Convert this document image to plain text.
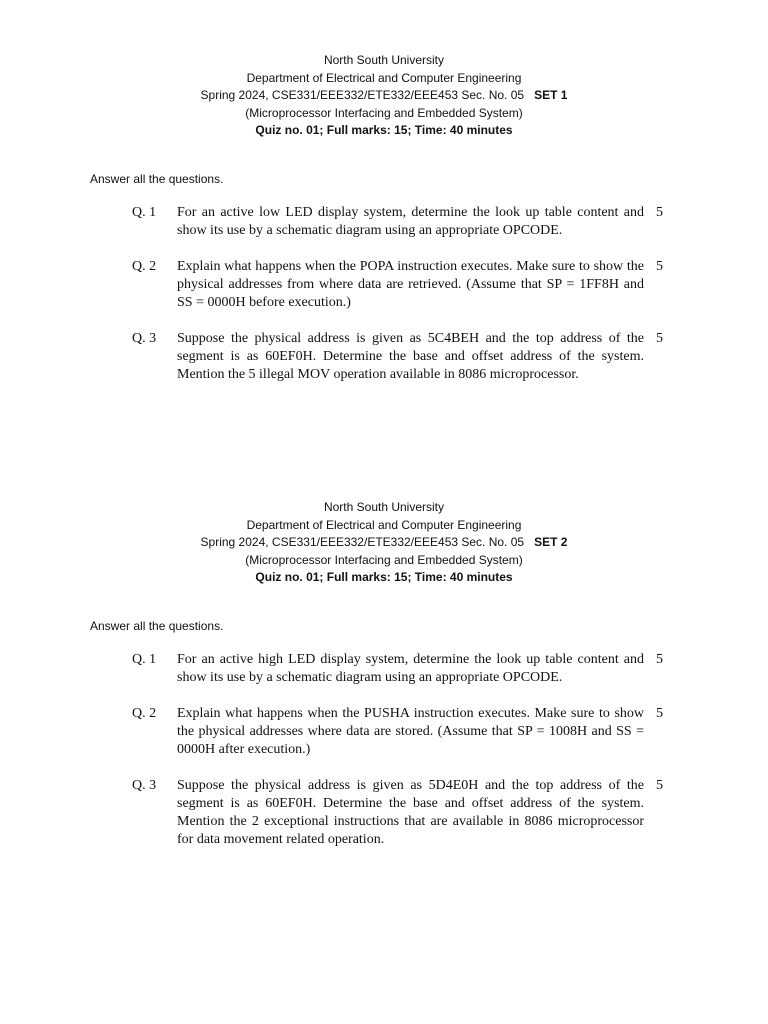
North South University
Department of Electrical and Computer Engineering
Spring 2024, CSE331/EEE332/ETE332/EEE453 Sec. No. 05 SET 1
(Microprocessor Interfacing and Embedded System)
Quiz no. 01; Full marks: 15; Time: 40 minutes
Answer all the questions.
Q. 1 For an active low LED display system, determine the look up table content and show its use by a schematic diagram using an appropriate OPCODE.
5
Q. 2 Explain what happens when the POPA instruction executes. Make sure to show the physical addresses from where data are retrieved. (Assume that SP = 1FF8H and SS = 0000H before execution.)
5
Q. 3 Suppose the physical address is given as 5C4BEH and the top address of the segment is as 60EF0H. Determine the base and offset address of the system. Mention the 5 illegal MOV operation available in 8086 microprocessor.
5
North South University
Department of Electrical and Computer Engineering
Spring 2024, CSE331/EEE332/ETE332/EEE453 Sec. No. 05 SET 2
(Microprocessor Interfacing and Embedded System)
Quiz no. 01; Full marks: 15; Time: 40 minutes
Answer all the questions.
Q. 1 For an active high LED display system, determine the look up table content and show its use by a schematic diagram using an appropriate OPCODE.
5
Q. 2 Explain what happens when the PUSHA instruction executes. Make sure to show the physical addresses where data are stored. (Assume that SP = 1008H and SS = 0000H after execution.)
5
Q. 3 Suppose the physical address is given as 5D4E0H and the top address of the segment is as 60EF0H. Determine the base and offset address of the system. Mention the 2 exceptional instructions that are available in 8086 microprocessor for data movement related operation.
5
